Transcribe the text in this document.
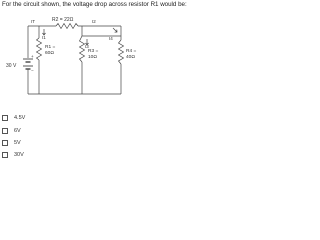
For the circuit shown, the voltage drop across resistor R1 would be:
IT	R2 = 22Ω	I2
I1
I3
I4
R1 =
60Ω	R3 =
10Ω
R4 =
40Ω
30 V
+
−
4.5V
6V
5V
30V
